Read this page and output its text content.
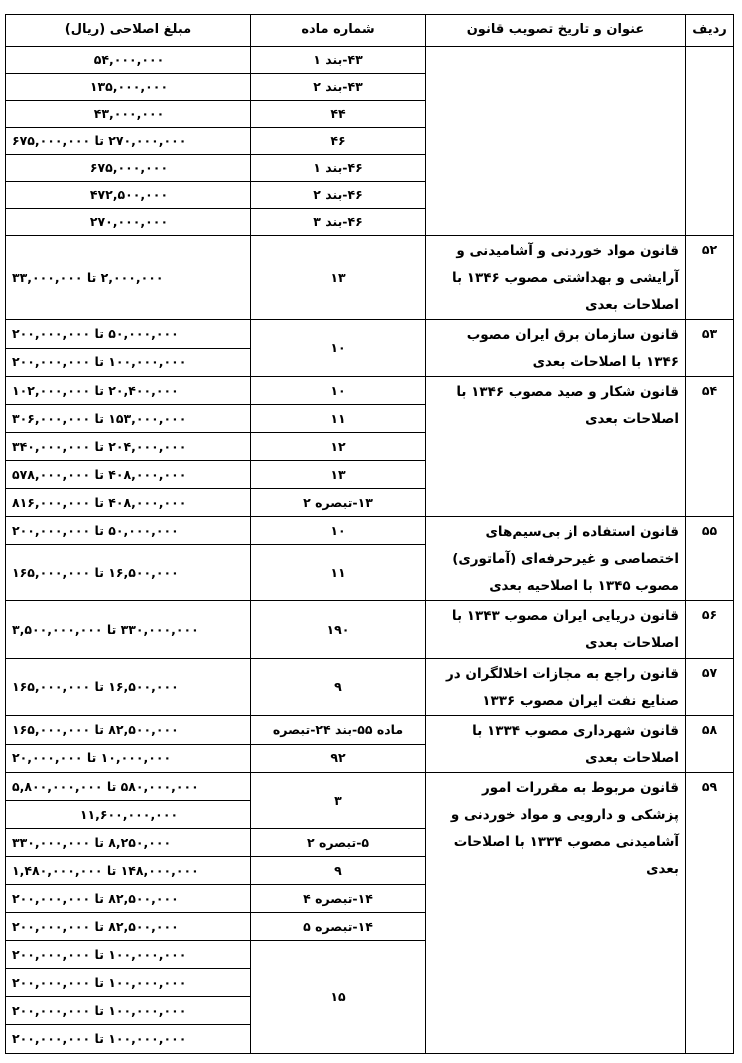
ردیف	عنوان و تاریخ تصویب قانون	شماره ماده	مبلغ اصلاحی (ریال)
		۴۳-بند ۱	۵۴,۰۰۰,۰۰۰
		۴۳-بند ۲	۱۳۵,۰۰۰,۰۰۰
		۴۴	۴۳,۰۰۰,۰۰۰
		۴۶	۲۷۰,۰۰۰,۰۰۰ تا ۶۷۵,۰۰۰,۰۰۰
		۴۶-بند ۱	۶۷۵,۰۰۰,۰۰۰
		۴۶-بند ۲	۴۷۲,۵۰۰,۰۰۰
		۴۶-بند ۳	۲۷۰,۰۰۰,۰۰۰
۵۲	قانون مواد خوردنی و آشامیدنی و آرایشی و بهداشتی مصوب ۱۳۴۶ با اصلاحات بعدی	۱۳	۲,۰۰۰,۰۰۰ تا ۳۳,۰۰۰,۰۰۰
۵۳	قانون سازمان برق ایران مصوب ۱۳۴۶ با اصلاحات بعدی	۱۰	۵۰,۰۰۰,۰۰۰ تا ۲۰۰,۰۰۰,۰۰۰
			۱۰۰,۰۰۰,۰۰۰ تا ۲۰۰,۰۰۰,۰۰۰
۵۴	قانون شکار و صید مصوب ۱۳۴۶ با اصلاحات بعدی	۱۰	۲۰,۴۰۰,۰۰۰ تا ۱۰۲,۰۰۰,۰۰۰
		۱۱	۱۵۳,۰۰۰,۰۰۰ تا ۳۰۶,۰۰۰,۰۰۰
		۱۲	۲۰۴,۰۰۰,۰۰۰ تا ۳۴۰,۰۰۰,۰۰۰
		۱۳	۴۰۸,۰۰۰,۰۰۰ تا ۵۷۸,۰۰۰,۰۰۰
		۱۳-تبصره ۲	۴۰۸,۰۰۰,۰۰۰ تا ۸۱۶,۰۰۰,۰۰۰
۵۵	قانون استفاده از بی‌سیم‌های اختصاصی و غیرحرفه‌ای (آماتوری) مصوب ۱۳۴۵ با اصلاحیه بعدی	۱۰	۵۰,۰۰۰,۰۰۰ تا ۲۰۰,۰۰۰,۰۰۰
		۱۱	۱۶,۵۰۰,۰۰۰ تا ۱۶۵,۰۰۰,۰۰۰
۵۶	قانون دریایی ایران مصوب ۱۳۴۳ با اصلاحات بعدی	۱۹۰	۳۳۰,۰۰۰,۰۰۰ تا ۳,۵۰۰,۰۰۰,۰۰۰
۵۷	قانون راجع به مجازات اخلالگران در صنایع نفت ایران مصوب ۱۳۳۶	۹	۱۶,۵۰۰,۰۰۰ تا ۱۶۵,۰۰۰,۰۰۰
۵۸	قانون شهرداری مصوب ۱۳۳۴ با اصلاحات بعدی	ماده ۵۵-بند ۲۴-تبصره	۸۲,۵۰۰,۰۰۰ تا ۱۶۵,۰۰۰,۰۰۰
		۹۲	۱۰,۰۰۰,۰۰۰ تا ۲۰,۰۰۰,۰۰۰
۵۹	قانون مربوط به مقررات امور پزشکی و دارویی و مواد خوردنی و آشامیدنی مصوب ۱۳۳۴ با اصلاحات بعدی	۳	۵۸۰,۰۰۰,۰۰۰ تا ۵,۸۰۰,۰۰۰,۰۰۰
			۱۱,۶۰۰,۰۰۰,۰۰۰
		۵-تبصره ۲	۸,۲۵۰,۰۰۰ تا ۳۳۰,۰۰۰,۰۰۰
		۹	۱۴۸,۰۰۰,۰۰۰ تا ۱,۴۸۰,۰۰۰,۰۰۰
		۱۴-تبصره ۴	۸۲,۵۰۰,۰۰۰ تا ۲۰۰,۰۰۰,۰۰۰
		۱۴-تبصره ۵	۸۲,۵۰۰,۰۰۰ تا ۲۰۰,۰۰۰,۰۰۰
		۱۵	۱۰۰,۰۰۰,۰۰۰ تا ۲۰۰,۰۰۰,۰۰۰
			۱۰۰,۰۰۰,۰۰۰ تا ۲۰۰,۰۰۰,۰۰۰
			۱۰۰,۰۰۰,۰۰۰ تا ۲۰۰,۰۰۰,۰۰۰
			۱۰۰,۰۰۰,۰۰۰ تا ۲۰۰,۰۰۰,۰۰۰
